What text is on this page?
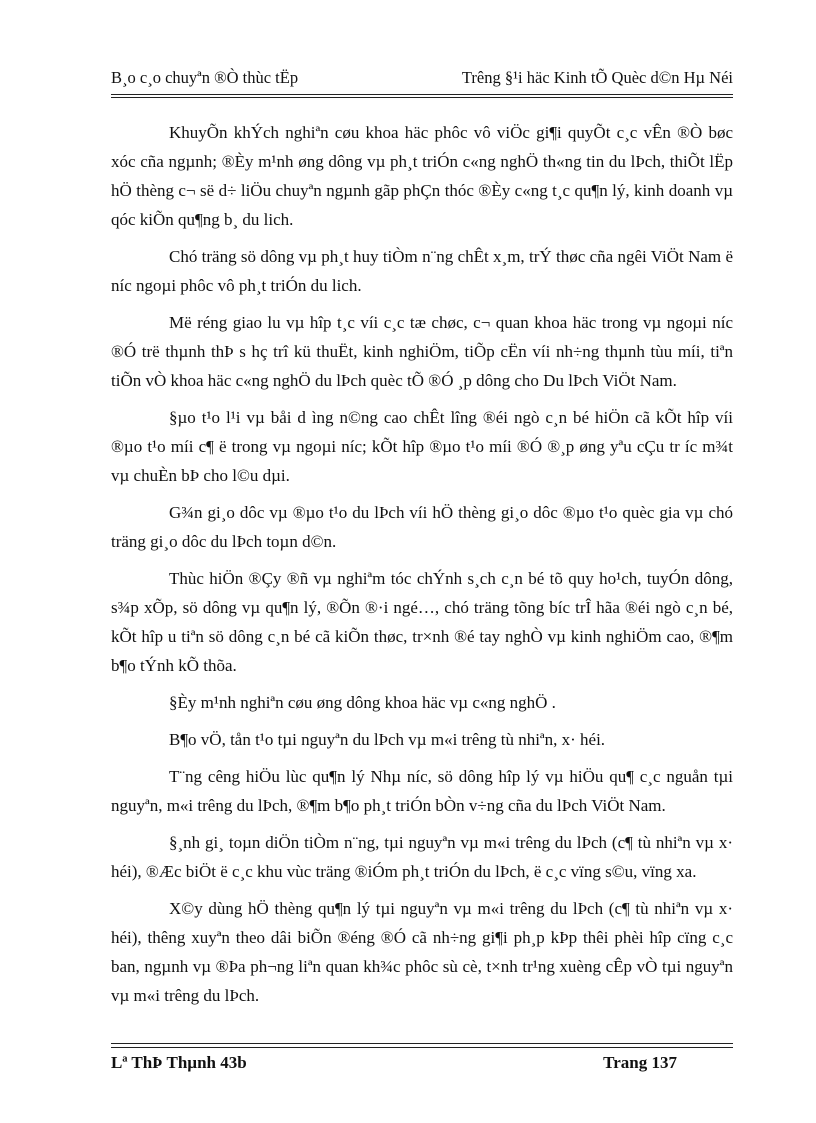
B¸o c¸o chuyªn ®Ò thùc tËp	Trêng §¹i häc Kinh tÕ Quèc d©n Hµ Néi

KhuyÕn khÝch nghiªn cøu khoa häc phôc vô viÖc gi¶i quyÕt c¸c vÊn ®Ò bøc xóc cña ngµnh; ®Èy m¹nh øng dông vµ ph¸t triÓn c«ng nghÖ th«ng tin du lÞch, thiÕt lËp hÖ thèng c¬ së d÷ liÖu chuyªn ngµnh gãp phÇn thóc ®Èy c«ng t¸c qu¶n lý, kinh doanh vµ qóc kiÕn qu¶ng b¸ du lich.

Chó träng sö dông vµ ph¸t huy tiÒm n¨ng chÊt x¸m, trÝ thøc cña ngêi ViÖt Nam ë níc ngoµi phôc vô ph¸t triÓn du lich.

Më réng giao lu vµ hîp t¸c víi c¸c tæ chøc, c¬ quan khoa häc trong vµ ngoµi níc ®Ó trë thµnh thÞ s hç trî kü thuËt, kinh nghiÖm, tiÕp cËn víi nh÷ng thµnh tùu míi, tiªn tiÕn vÒ khoa häc c«ng nghÖ du lÞch quèc tÕ ®Ó ¸p dông cho Du lÞch ViÖt Nam.

§µo t¹o l¹i vµ båi d ìng n©ng cao chÊt lîng ®éi ngò c¸n bé hiÖn cã kÕt hîp víi ®µo t¹o míi c¶ ë trong vµ ngoµi níc; kÕt hîp ®µo t¹o míi ®Ó ®¸p øng yªu cÇu tr íc m¾t vµ chuÈn bÞ cho l©u dµi.

G¾n gi¸o dôc vµ ®µo t¹o du lÞch víi hÖ thèng gi¸o dôc ®µo t¹o quèc gia vµ chó träng gi¸o dôc du lÞch toµn d©n.

Thùc hiÖn ®Çy ®ñ vµ nghiªm tóc chÝnh s¸ch c¸n bé tõ quy ho¹ch, tuyÓn dông, s¾p xÕp, sö dông vµ qu¶n lý, ®Õn ®·i ngé…, chó träng tõng bíc trÎ hãa ®éi ngò c¸n bé, kÕt hîp u tiªn sö dông c¸n bé cã kiÕn thøc, tr×nh ®é tay nghÒ vµ kinh nghiÖm cao, ®¶m b¶o tÝnh kÕ thõa.

§Èy m¹nh nghiªn cøu øng dông khoa häc vµ c«ng nghÖ .

B¶o vÖ, tån t¹o tµi nguyªn du lÞch vµ m«i trêng tù nhiªn, x· héi.

T¨ng cêng hiÖu lùc qu¶n lý Nhµ níc, sö dông hîp lý vµ hiÖu qu¶ c¸c nguån tµi nguyªn, m«i trêng du lÞch, ®¶m b¶o ph¸t triÓn bÒn v÷ng cña du lÞch ViÖt Nam.

§¸nh gi¸ toµn diÖn tiÒm n¨ng, tµi nguyªn vµ m«i trêng du lÞch (c¶ tù nhiªn vµ x· héi), ®Æc biÖt ë c¸c khu vùc träng ®iÓm ph¸t triÓn du lÞch, ë c¸c vïng s©u, vïng xa.

X©y dùng hÖ thèng qu¶n lý tµi nguyªn vµ m«i trêng du lÞch (c¶ tù nhiªn vµ x· héi), thêng xuyªn theo dâi biÕn ®éng ®Ó cã nh÷ng gi¶i ph¸p kÞp thêi phèi hîp cïng c¸c ban, ngµnh vµ ®Þa ph¬ng liªn quan kh¾c phôc sù cè, t×nh tr¹ng xuèng cÊp vÒ tµi nguyªn vµ m«i trêng du lÞch.

Lª ThÞ Thµnh 43b	Trang 137
